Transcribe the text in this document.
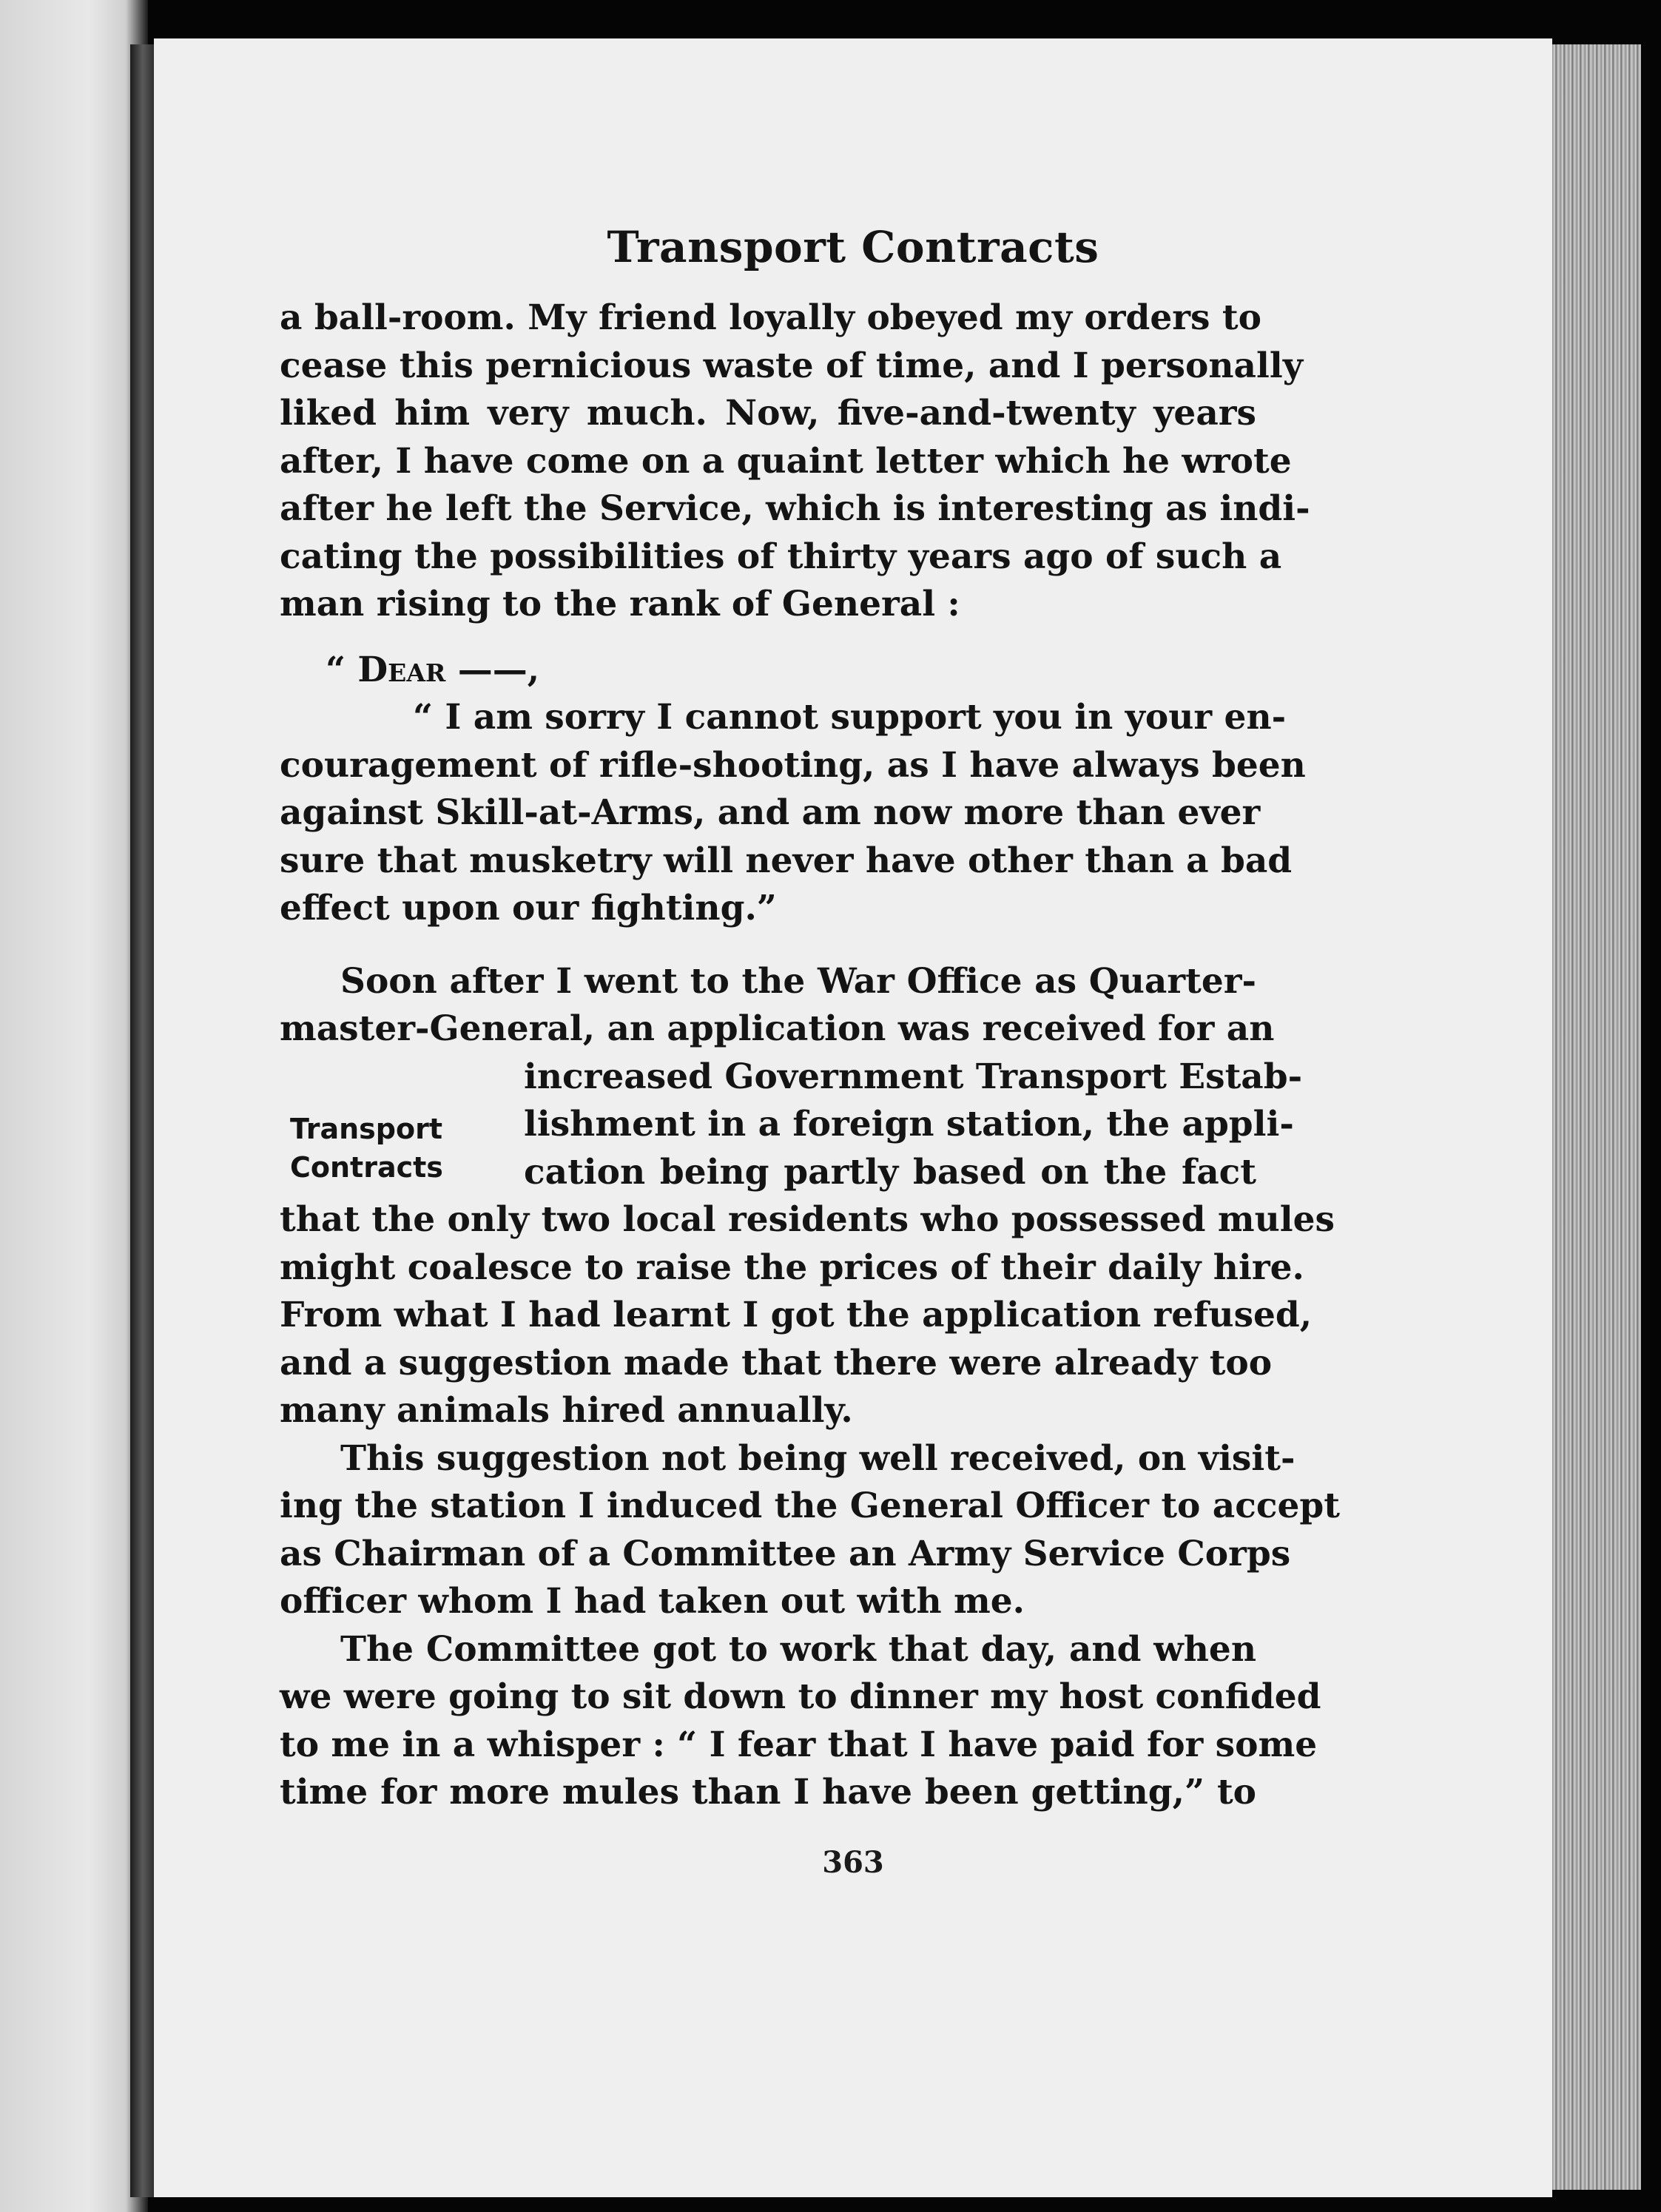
Transport Contracts
a ball-room. My friend loyally obeyed my orders to
cease this pernicious waste of time, and I personally
liked him very much. Now, five-and-twenty years
after, I have come on a quaint letter which he wrote
after he left the Service, which is interesting as indi-
cating the possibilities of thirty years ago of such a
man rising to the rank of General :
“ Dear ——,
“ I am sorry I cannot support you in your en-
couragement of rifle-shooting, as I have always been
against Skill-at-Arms, and am now more than ever
sure that musketry will never have other than a bad
effect upon our fighting.”
Soon after I went to the War Office as Quarter-
master-General, an application was received for an
increased Government Transport Estab-
lishment in a foreign station, the appli-
cation being partly based on the fact
that the only two local residents who possessed mules
might coalesce to raise the prices of their daily hire.
From what I had learnt I got the application refused,
and a suggestion made that there were already too
many animals hired annually.
This suggestion not being well received, on visit-
ing the station I induced the General Officer to accept
as Chairman of a Committee an Army Service Corps
officer whom I had taken out with me.
The Committee got to work that day, and when
we were going to sit down to dinner my host confided
to me in a whisper : “ I fear that I have paid for some
time for more mules than I have been getting,” to
Transport
Contracts
363
